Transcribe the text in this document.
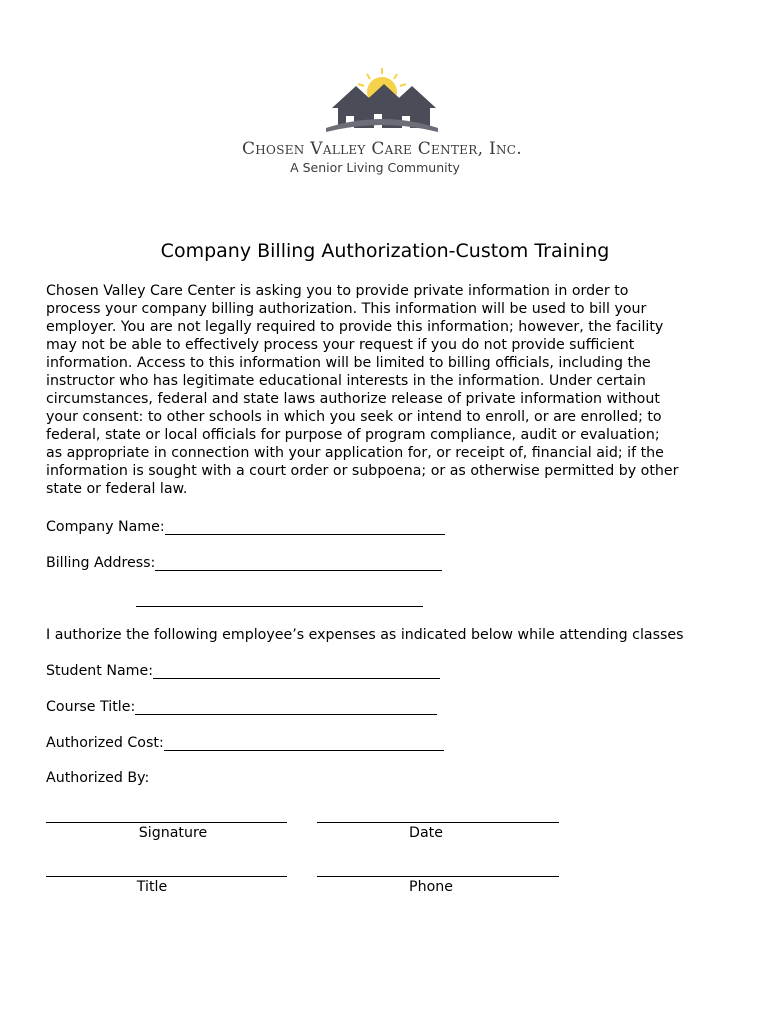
Chosen Valley Care Center, Inc.
A Senior Living Community
Company Billing Authorization-Custom Training
Chosen Valley Care Center is asking you to provide private information in order to
process your company billing authorization. This information will be used to bill your
employer. You are not legally required to provide this information; however, the facility
may not be able to effectively process your request if you do not provide sufficient
information. Access to this information will be limited to billing officials, including the
instructor who has legitimate educational interests in the information. Under certain
circumstances, federal and state laws authorize release of private information without
your consent: to other schools in which you seek or intend to enroll, or are enrolled; to
federal, state or local officials for purpose of program compliance, audit or evaluation;
as appropriate in connection with your application for, or receipt of, financial aid; if the
information is sought with a court order or subpoena; or as otherwise permitted by other
state or federal law.
Company Name:
Billing Address:
I authorize the following employee’s expenses as indicated below while attending classes
Student Name:
Course Title:
Authorized Cost:
Authorized By:
Signature	Date
Title	Phone
